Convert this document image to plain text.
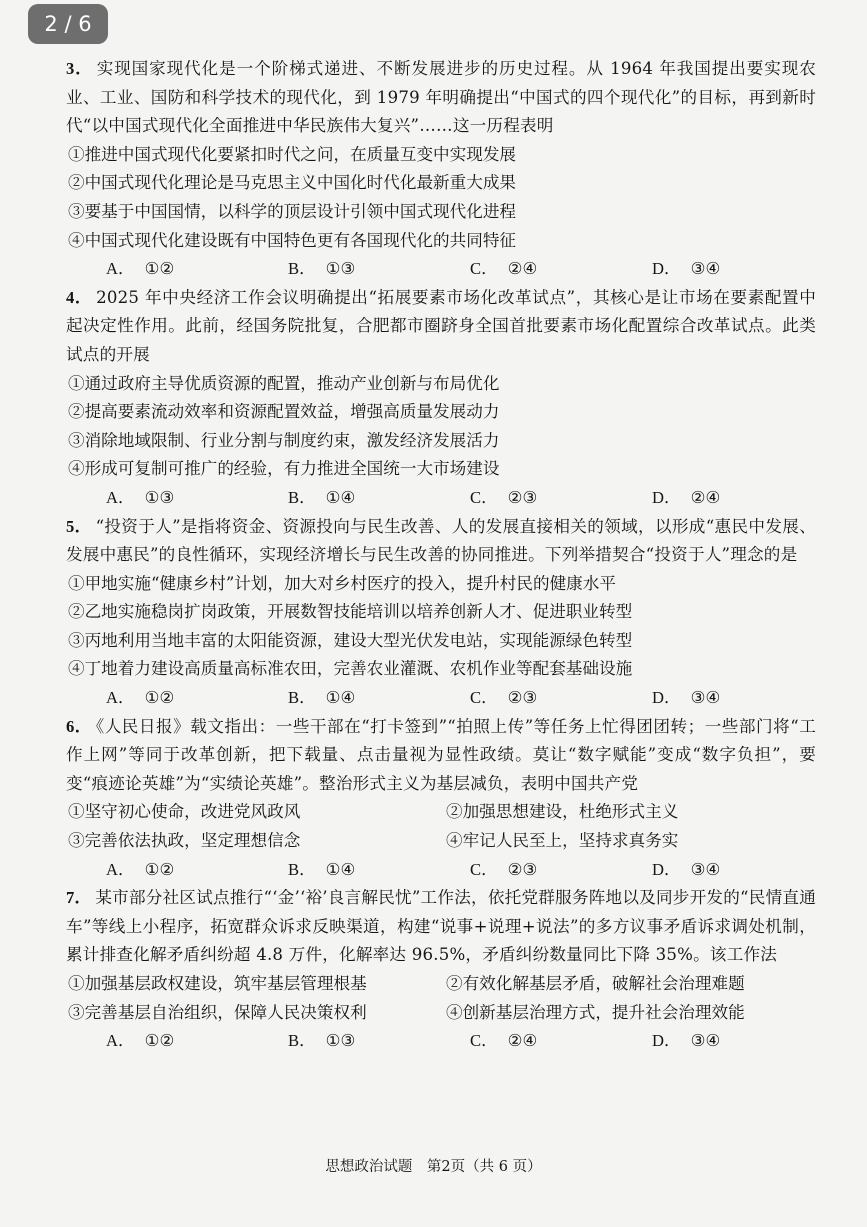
2 / 6
3． 实现国家现代化是一个阶梯式递进、不断发展进步的历史过程。从 1964 年我国提出要实现农业、工业、国防和科学技术的现代化，到 1979 年明确提出“中国式的四个现代化”的目标，再到新时代“以中国式现代化全面推进中华民族伟大复兴”……这一历程表明
①推进中国式现代化要紧扣时代之问，在质量互变中实现发展
②中国式现代化理论是马克思主义中国化时代化最新重大成果
③要基于中国国情，以科学的顶层设计引领中国式现代化进程
④中国式现代化建设既有中国特色更有各国现代化的共同特征
A． ①②	B． ①③	C． ②④	D． ③④
4． 2025 年中央经济工作会议明确提出“拓展要素市场化改革试点”，其核心是让市场在要素配置中起决定性作用。此前，经国务院批复，合肥都市圈跻身全国首批要素市场化配置综合改革试点。此类试点的开展
①通过政府主导优质资源的配置，推动产业创新与布局优化
②提高要素流动效率和资源配置效益，增强高质量发展动力
③消除地域限制、行业分割与制度约束，激发经济发展活力
④形成可复制可推广的经验，有力推进全国统一大市场建设
A． ①③	B． ①④	C． ②③	D． ②④
5． “投资于人”是指将资金、资源投向与民生改善、人的发展直接相关的领域，以形成“惠民中发展、发展中惠民”的良性循环，实现经济增长与民生改善的协同推进。下列举措契合“投资于人”理念的是
①甲地实施“健康乡村”计划，加大对乡村医疗的投入，提升村民的健康水平
②乙地实施稳岗扩岗政策，开展数智技能培训以培养创新人才、促进职业转型
③丙地利用当地丰富的太阳能资源，建设大型光伏发电站，实现能源绿色转型
④丁地着力建设高质量高标准农田，完善农业灌溉、农机作业等配套基础设施
A． ①②	B． ①④	C． ②③	D． ③④
6． 《人民日报》载文指出：一些干部在“打卡签到”“拍照上传”等任务上忙得团团转；一些部门将“工作上网”等同于改革创新，把下载量、点击量视为显性政绩。莫让“数字赋能”变成“数字负担”，要变“痕迹论英雄”为“实绩论英雄”。整治形式主义为基层减负，表明中国共产党
①坚守初心使命，改进党风政风	②加强思想建设，杜绝形式主义
③完善依法执政，坚定理想信念	④牢记人民至上，坚持求真务实
A． ①②	B． ①④	C． ②③	D． ③④
7． 某市部分社区试点推行“‘金’‘裕’良言解民忧”工作法，依托党群服务阵地以及同步开发的“民情直通车”等线上小程序，拓宽群众诉求反映渠道，构建“说事+说理+说法”的多方议事矛盾诉求调处机制，累计排查化解矛盾纠纷超 4.8 万件，化解率达 96.5%，矛盾纠纷数量同比下降 35%。该工作法
①加强基层政权建设，筑牢基层管理根基	②有效化解基层矛盾，破解社会治理难题
③完善基层自治组织，保障人民决策权利	④创新基层治理方式，提升社会治理效能
A． ①②	B． ①③	C． ②④	D． ③④
思想政治试题　第2页（共 6 页）
